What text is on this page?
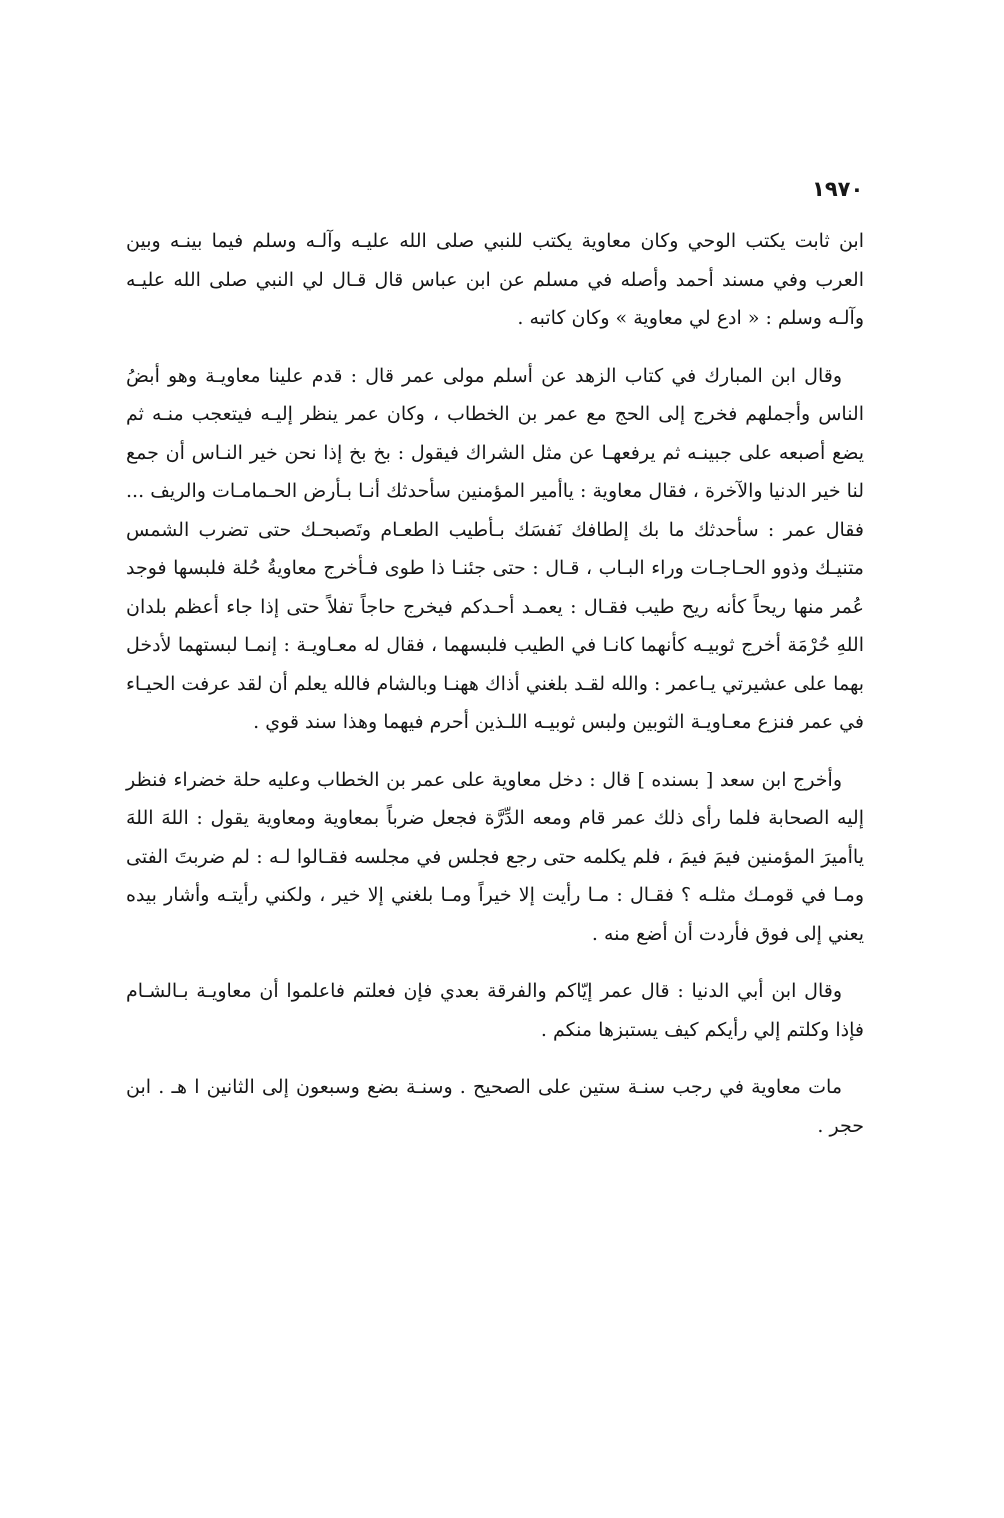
١٩٧٠

ابن ثابت يكتب الوحي وكان معاوية يكتب للنبي صلى الله عليـه وآلـه وسلم فيما بينـه وبين العرب وفي مسند أحمد وأصله في مسلم عن ابن عباس قال قـال لي النبي صلى الله عليـه وآلـه وسلم : « ادع لي معاوية » وكان كاتبه .

وقال ابن المبارك في كتاب الزهد عن أسلم مولى عمر قال : قدم علينا معاويـة وهو أبضُ الناس وأجملهم فخرج إلى الحج مع عمر بن الخطاب ، وكان عمر ينظر إليـه فيتعجب منـه ثم يضع أصبعه على جبينـه ثم يرفعهـا عن مثل الشراك فيقول : بخ بخ إذا نحن خير النـاس أن جمع لنا خير الدنيا والآخرة ، فقال معاوية : ياأمير المؤمنين سأحدثك أنـا بـأرض الحـمامـات والريف ... فقال عمر : سأحدثك ما بك إلطافك نَفسَك بـأطيب الطعـام وتَصبحـك حتى تضرب الشمس متنيـك وذوو الحـاجـات وراء البـاب ، قـال : حتى جئنـا ذا طوى فـأخرج معاويةُ حُلة فلبسها فوجد عُمر منها ريحاً كأنه ريح طيب فقـال : يعمـد أحـدكم فيخرج حاجاً تفلاً حتى إذا جاء أعظم بلدان اللهِ حُرْمَة أخرج ثوبيـه كأنهما كانـا في الطيب فلبسهما ، فقال له معـاويـة : إنمـا لبستهما لأدخل بهما على عشيرتي يـاعمر : والله لقـد بلغني أذاك ههنـا وبالشام فالله يعلم أن لقد عرفت الحيـاء في عمر فنزع معـاويـة الثوبين ولبس ثوبيـه اللـذين أحرم فيهما وهذا سند قوي .

وأخرج ابن سعد [ بسنده ] قال : دخل معاوية على عمر بن الخطاب وعليه حلة خضراء فنظر إليه الصحابة فلما رأى ذلك عمر قام ومعه الدِّرَّة فجعل ضرباً بمعاوية ومعاوية يقول : اللهَ اللهَ ياأميرَ المؤمنين فيمَ فيمَ ، فلم يكلمه حتى رجع فجلس في مجلسه فقـالوا لـه : لم ضربتَ الفتى ومـا في قومـك مثلـه ؟ فقـال : مـا رأيت إلا خيراً ومـا بلغني إلا خير ، ولكني رأيتـه وأشار بيده يعني إلى فوق فأردت أن أضع منه .

وقال ابن أبي الدنيا : قال عمر إيّاكم والفرقة بعدي فإن فعلتم فاعلموا أن معاويـة بـالشـام فإذا وكلتم إلي رأيكم كيف يستبزها منكم .

مات معاوية في رجب سنـة ستين على الصحيح . وسنـة بضع وسبعون إلى الثانين ا هـ . ابن حجر .
